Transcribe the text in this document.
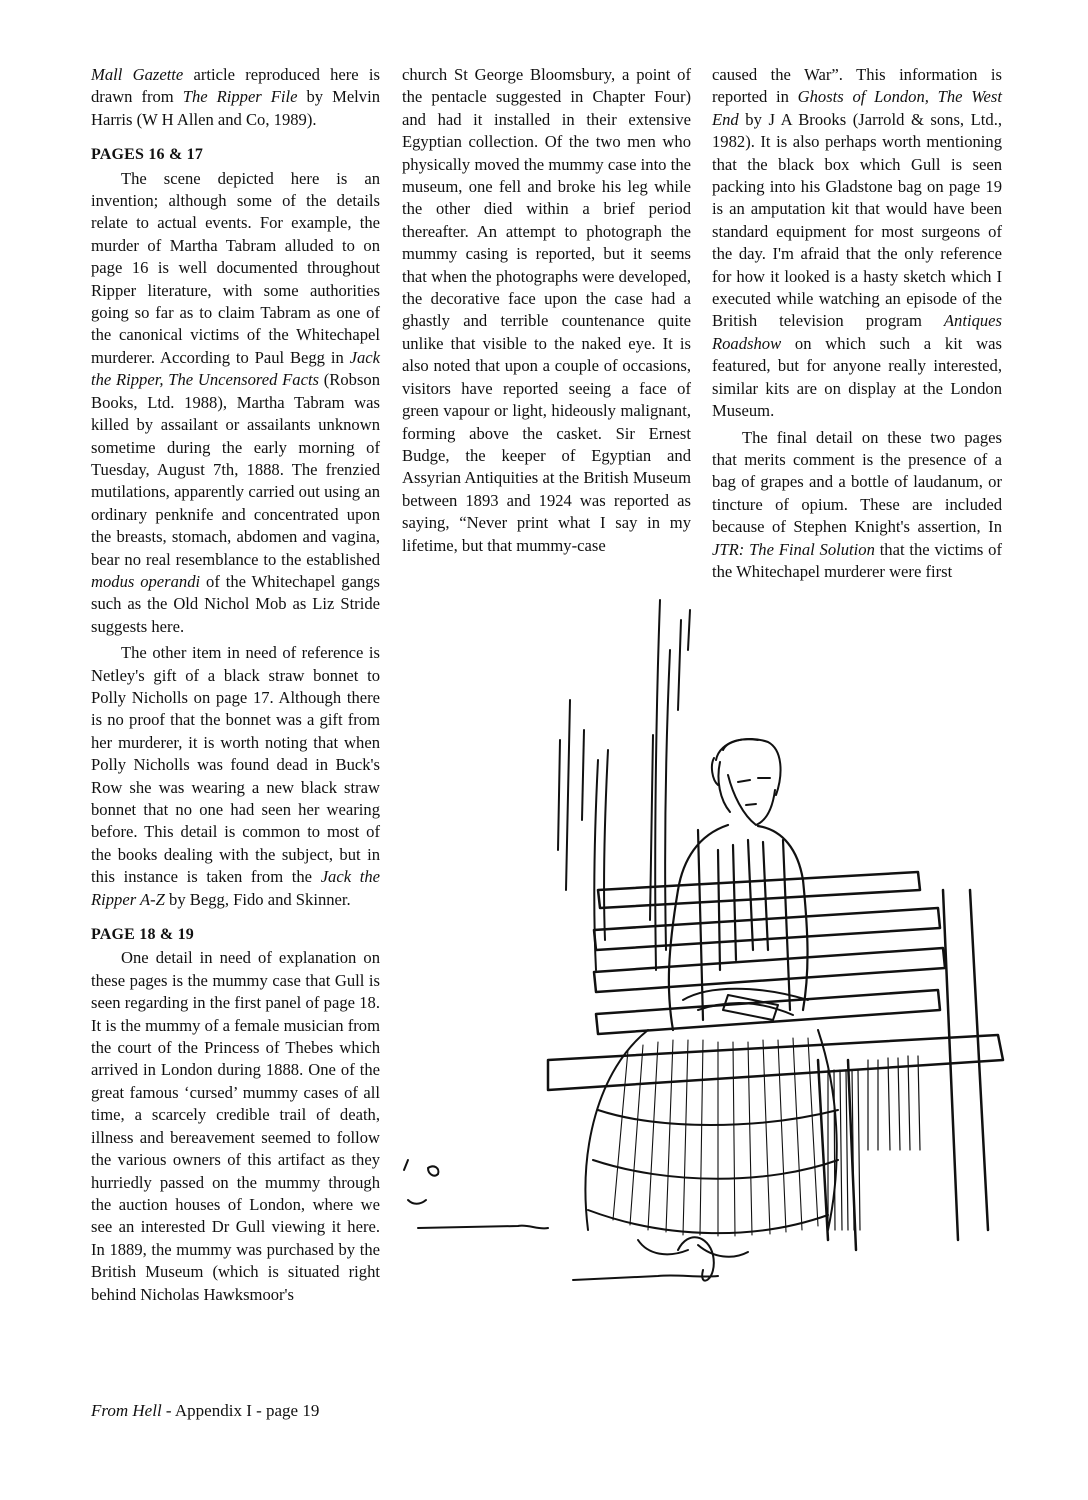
Mall Gazette article reproduced here is drawn from The Ripper File by Melvin Harris (W H Allen and Co, 1989).

PAGES 16 & 17

The scene depicted here is an invention; although some of the details relate to actual events. For example, the murder of Martha Tabram alluded to on page 16 is well documented throughout Ripper literature, with some authorities going so far as to claim Tabram as one of the canonical victims of the Whitechapel murderer. According to Paul Begg in Jack the Ripper, The Uncensored Facts (Robson Books, Ltd. 1988), Martha Tabram was killed by assailant or assailants unknown sometime during the early morning of Tuesday, August 7th, 1888. The frenzied mutilations, apparently carried out using an ordinary penknife and concentrated upon the breasts, stomach, abdomen and vagina, bear no real resemblance to the established modus operandi of the Whitechapel gangs such as the Old Nichol Mob as Liz Stride suggests here.

The other item in need of reference is Netley's gift of a black straw bonnet to Polly Nicholls on page 17. Although there is no proof that the bonnet was a gift from her murderer, it is worth noting that when Polly Nicholls was found dead in Buck's Row she was wearing a new black straw bonnet that no one had seen her wearing before. This detail is common to most of the books dealing with the subject, but in this instance is taken from the Jack the Ripper A-Z by Begg, Fido and Skinner.

PAGE 18 & 19

One detail in need of explanation on these pages is the mummy case that Gull is seen regarding in the first panel of page 18. It is the mummy of a female musician from the court of the Princess of Thebes which arrived in London during 1888. One of the great famous ‘cursed’ mummy cases of all time, a scarcely credible trail of death, illness and bereavement seemed to follow the various owners of this artifact as they hurriedly passed on the mummy through the auction houses of London, where we see an interested Dr Gull viewing it here. In 1889, the mummy was purchased by the British Museum (which is situated right behind Nicholas Hawksmoor's

church St George Bloomsbury, a point of the pentacle suggested in Chapter Four) and had it installed in their extensive Egyptian collection. Of the two men who physically moved the mummy case into the museum, one fell and broke his leg while the other died within a brief period thereafter. An attempt to photograph the mummy casing is reported, but it seems that when the photographs were developed, the decorative face upon the case had a ghastly and terrible countenance quite unlike that visible to the naked eye. It is also noted that upon a couple of occasions, visitors have reported seeing a face of green vapour or light, hideously malignant, forming above the casket. Sir Ernest Budge, the keeper of Egyptian and Assyrian Antiquities at the British Museum between 1893 and 1924 was reported as saying, “Never print what I say in my lifetime, but that mummy-case

caused the War”. This information is reported in Ghosts of London, The West End by J A Brooks (Jarrold & sons, Ltd., 1982). It is also perhaps worth mentioning that the black box which Gull is seen packing into his Gladstone bag on page 19 is an amputation kit that would have been standard equipment for most surgeons of the day. I'm afraid that the only reference for how it looked is a hasty sketch which I executed while watching an episode of the British television program Antiques Roadshow on which such a kit was featured, but for anyone really interested, similar kits are on display at the London Museum.

The final detail on these two pages that merits comment is the presence of a bag of grapes and a bottle of laudanum, or tincture of opium. These are included because of Stephen Knight's assertion, In JTR: The Final Solution that the victims of the Whitechapel murderer were first

From Hell - Appendix I - page 19
